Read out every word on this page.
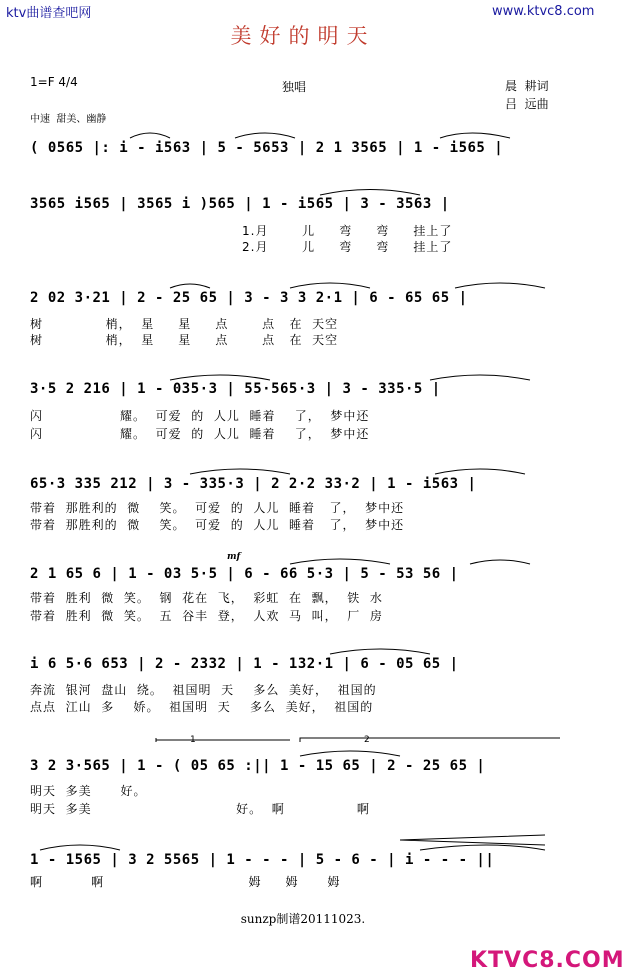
ktv曲谱查吧网	www.ktvc8.com
美好的明天
1=F 4/4	独唱	晨  耕词
吕  远曲
中速  甜美、幽静
( 0565 |: i - i563 | 5 - 5653 | 2 1 3565 | 1 - i565 |
3565 i565 | 3565 i )565 | 1 - i565 | 3 - 3563 |
1.月       儿     弯     弯     挂上了
2.月       儿     弯     弯     挂上了
2 02 3·21 | 2 - 25 65 | 3 - 3 3 2·1 | 6 - 65 65 |
树             梢，  星     星     点       点   在  天空
树             梢，  星     星     点       点   在  天空
3·5 2 216 | 1 - 035·3 | 55·565·3 | 3 - 335·5 |
闪                耀。  可爱  的  人儿  睡着    了，  梦中还
闪                耀。  可爱  的  人儿  睡着    了，  梦中还
65·3 335 212 | 3 - 335·3 | 2 2·2 33·2 | 1 - i563 |
带着  那胜利的  微    笑。  可爱  的  人儿  睡着   了，  梦中还
带着  那胜利的  微    笑。  可爱  的  人儿  睡着   了，  梦中还
2 1 65 6 | 1 - 03 5·5 | 6 - 66 5·3 | 5 - 53 56 |
带着  胜利  微  笑。  钢  花在  飞，  彩虹  在  飘，  铁  水
带着  胜利  微  笑。  五  谷丰  登，  人欢  马  叫，  厂  房
mf
i 6 5·6 653 | 2 - 2332 | 1 - 132·1 | 6 - 05 65 |
奔流  银河  盘山  绕。  祖国明  天    多么  美好，  祖国的
点点  江山  多    娇。  祖国明  天    多么  美好，  祖国的
1	2
3 2 3·565 | 1 - ( 05 65 :|| 1 - 15 65 | 2 - 25 65 |
明天  多美      好。
明天  多美                              好。  啊               啊
1 - 1565 | 3 2 5565 | 1 - - - | 5 - 6 - | i - - - ||
啊          啊                              姆     姆      姆
sunzp制谱20111023.
KTVC8.COM
